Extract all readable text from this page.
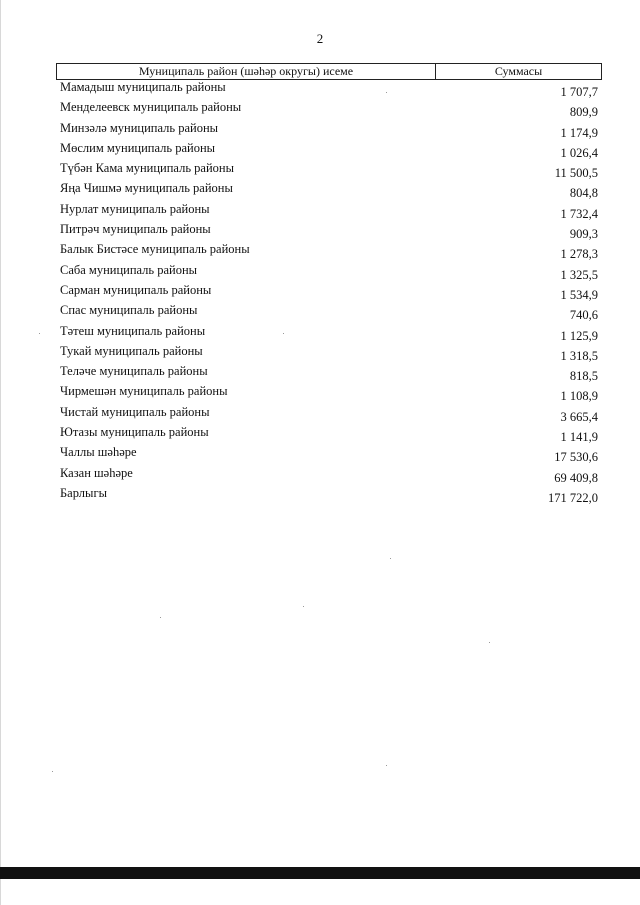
2
Муниципаль район (шәһәр округы) исеме	Суммасы
Мамадыш муниципаль районы	1 707,7
Менделеевск муниципаль районы	809,9
Минзәлә муниципаль районы	1 174,9
Мөслим муниципаль районы	1 026,4
Түбән Кама муниципаль районы	11 500,5
Яңа Чишмә муниципаль районы	804,8
Нурлат муниципаль районы	1 732,4
Питрәч муниципаль районы	909,3
Балык Бистәсе муниципаль районы	1 278,3
Саба муниципаль районы	1 325,5
Сарман муниципаль районы	1 534,9
Спас муниципаль районы	740,6
Тәтеш муниципаль районы	1 125,9
Тукай муниципаль районы	1 318,5
Теләче муниципаль районы	818,5
Чирмешән муниципаль районы	1 108,9
Чистай муниципаль районы	3 665,4
Ютазы муниципаль районы	1 141,9
Чаллы шәһәре	17 530,6
Казан шәһәре	69 409,8
Барлыгы	171 722,0
